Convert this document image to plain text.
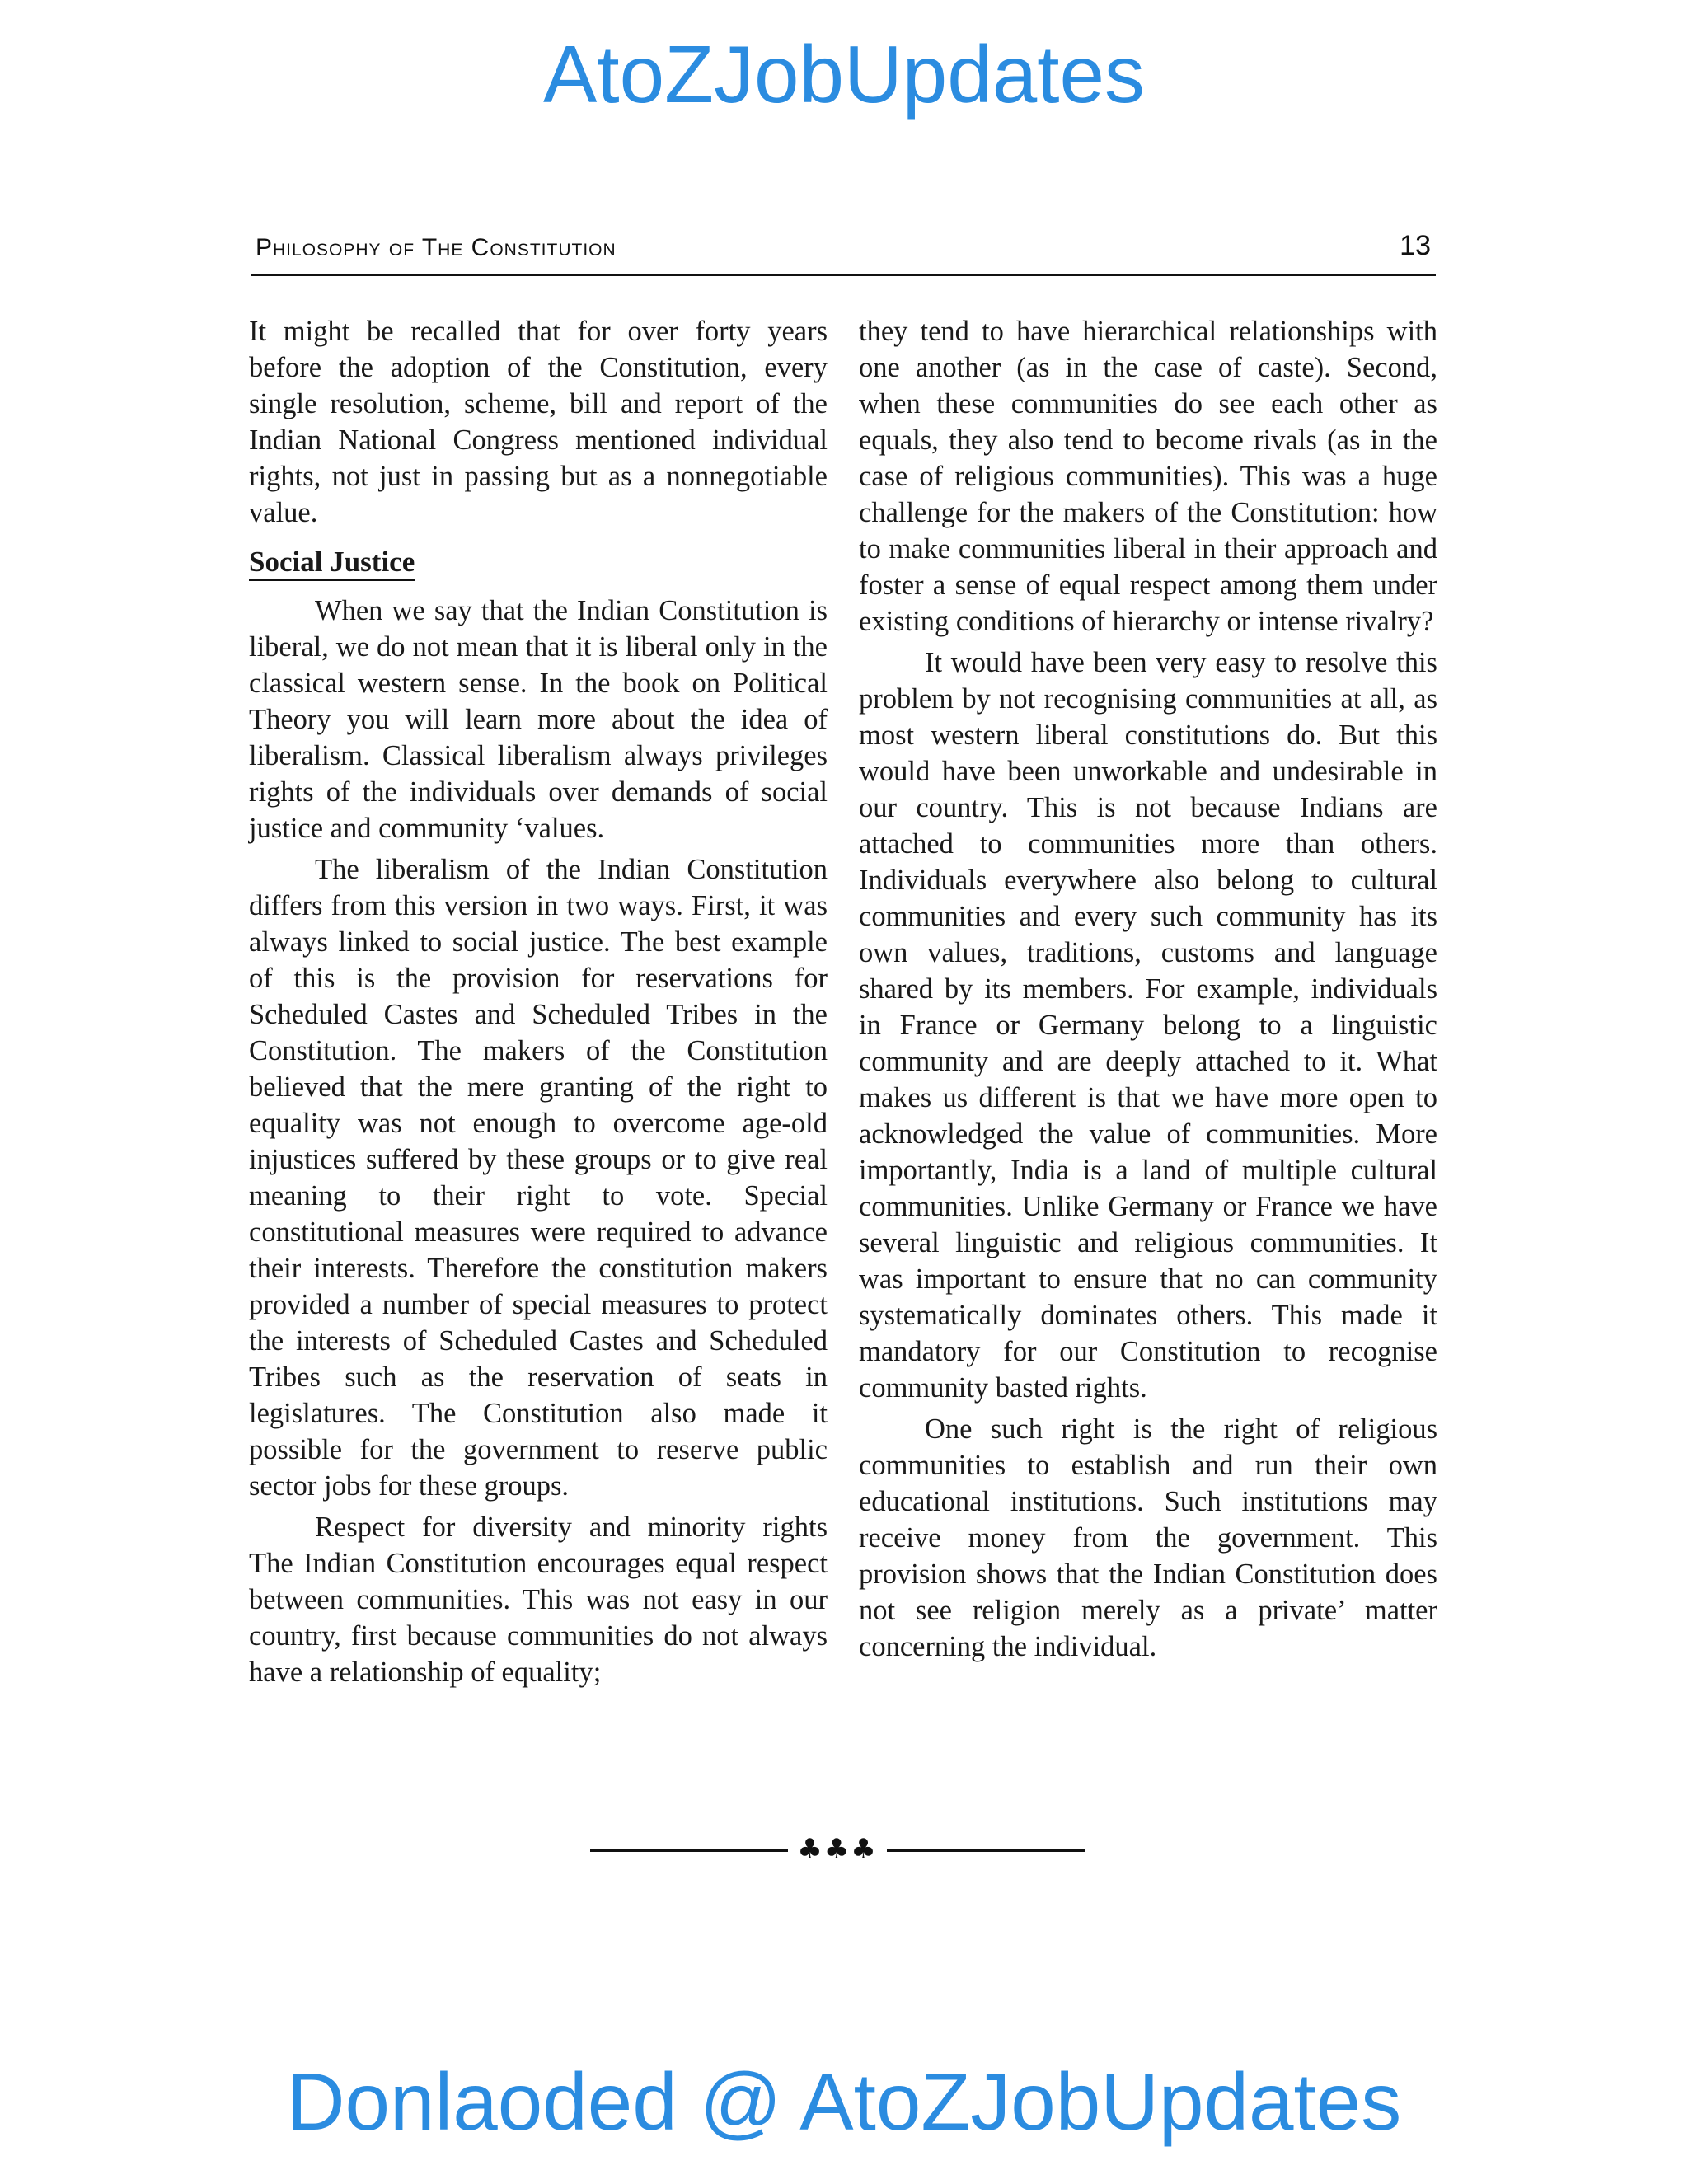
AtoZJobUpdates
Philosophy of The Constitution	13

It might be recalled that for over forty years before the adoption of the Constitution, every single resolution, scheme, bill and report of the Indian National Congress mentioned individual rights, not just in passing but as a nonnegotiable value.

Social Justice

When we say that the Indian Constitution is liberal, we do not mean that it is liberal only in the classical western sense. In the book on Political Theory you will learn more about the idea of liberalism. Classical liberalism always privileges rights of the individuals over demands of social justice and community ‘values.

The liberalism of the Indian Constitution differs from this version in two ways. First, it was always linked to social justice. The best example of this is the provision for reservations for Scheduled Castes and Scheduled Tribes in the Constitution. The makers of the Constitution believed that the mere granting of the right to equality was not enough to overcome age-old injustices suffered by these groups or to give real meaning to their right to vote. Special constitutional measures were required to advance their interests. Therefore the constitution makers provided a number of special measures to protect the interests of Scheduled Castes and Scheduled Tribes such as the reservation of seats in legislatures. The Constitution also made it possible for the government to reserve public sector jobs for these groups.

Respect for diversity and minority rights The Indian Constitution encourages equal respect between communities. This was not easy in our country, first because communities do not always have a relationship of equality;

they tend to have hierarchical relationships with one another (as in the case of caste). Second, when these communities do see each other as equals, they also tend to become rivals (as in the case of religious communities). This was a huge challenge for the makers of the Constitution: how to make communities liberal in their approach and foster a sense of equal respect among them under existing conditions of hierarchy or intense rivalry?

It would have been very easy to resolve this problem by not recognising communities at all, as most western liberal constitutions do. But this would have been unworkable and undesirable in our country. This is not because Indians are attached to communities more than others. Individuals everywhere also belong to cultural communities and every such community has its own values, traditions, customs and language shared by its members. For example, individuals in France or Germany belong to a linguistic community and are deeply attached to it. What makes us different is that we have more open to acknowledged the value of communities. More importantly, India is a land of multiple cultural communities. Unlike Germany or France we have several linguistic and religious communities. It was important to ensure that no can community systematically dominates others. This made it mandatory for our Constitution to recognise community basted rights.

One such right is the right of religious communities to establish and run their own educational institutions. Such institutions may receive money from the government. This provision shows that the Indian Constitution does not see religion merely as a private’ matter concerning the individual.

♣♣♣
Donlaoded @ AtoZJobUpdates
